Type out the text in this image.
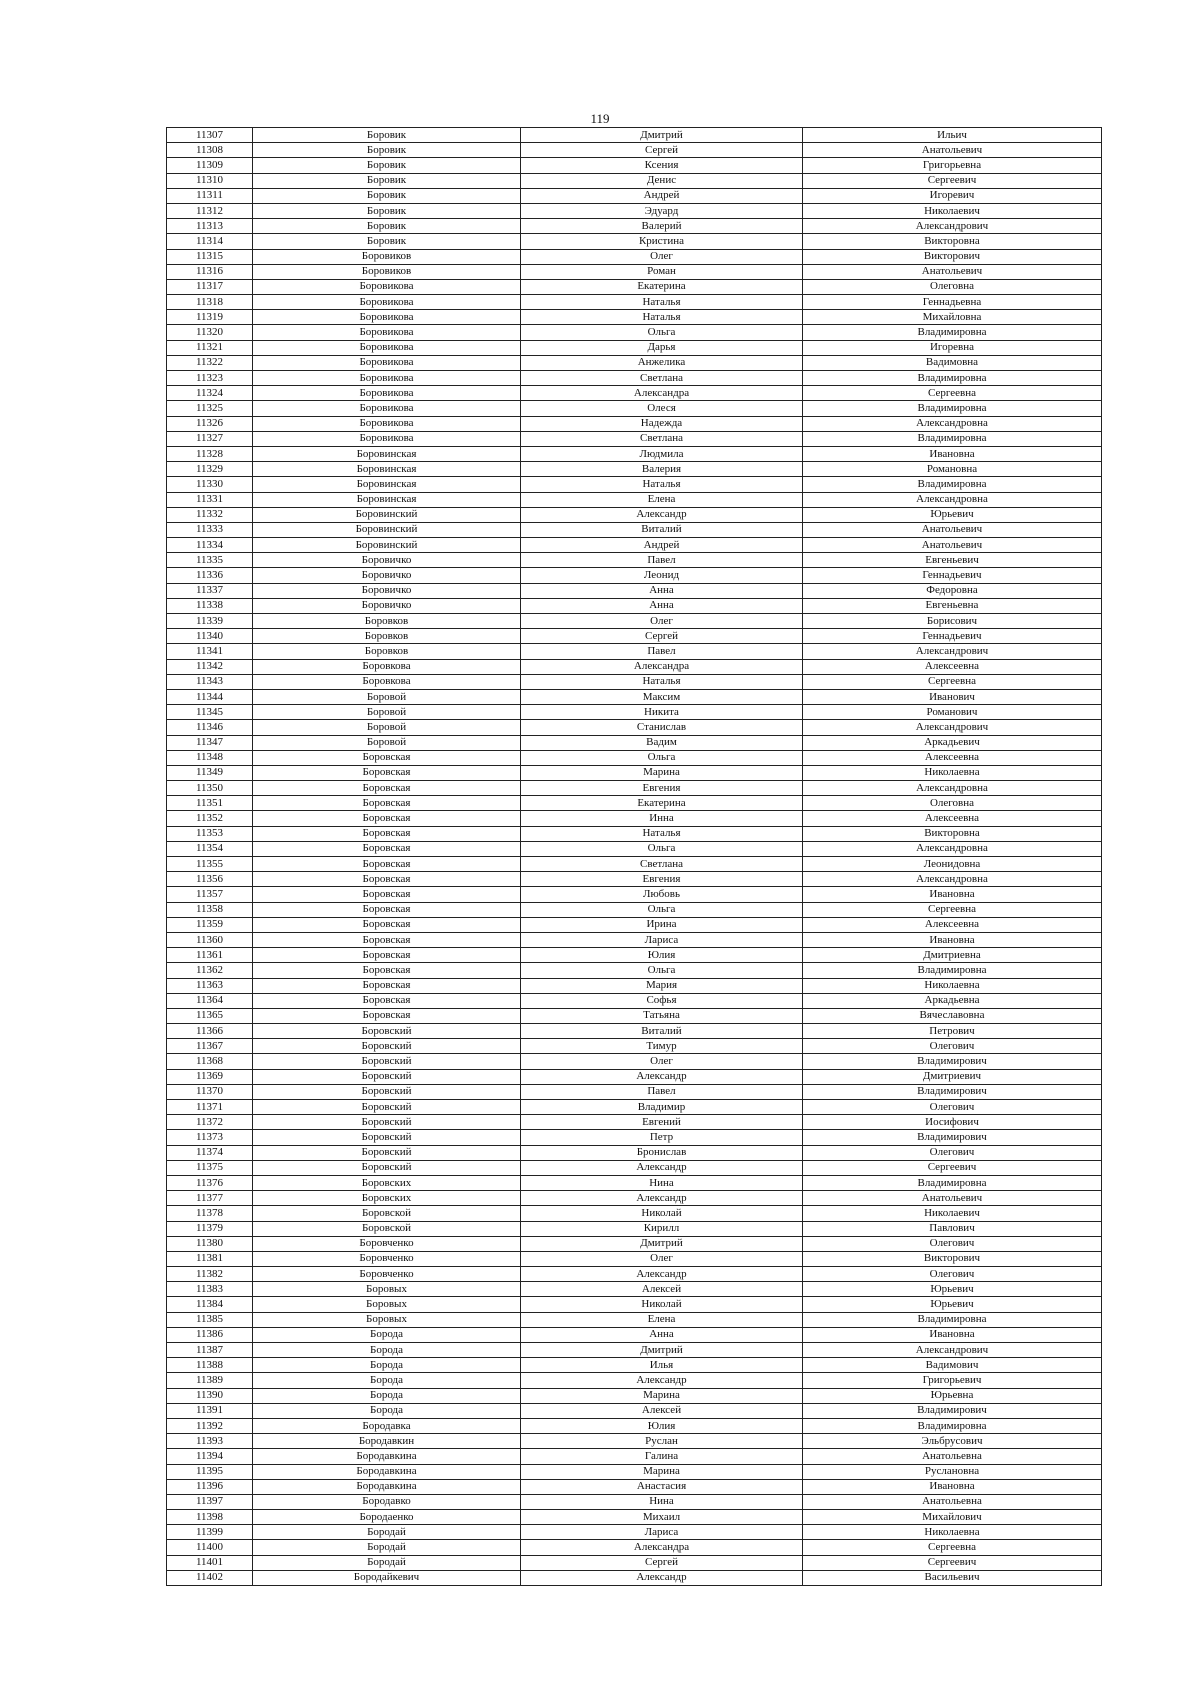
119
11307	Боровик	Дмитрий	Ильич
11308	Боровик	Сергей	Анатольевич
11309	Боровик	Ксения	Григорьевна
11310	Боровик	Денис	Сергеевич
11311	Боровик	Андрей	Игоревич
11312	Боровик	Эдуард	Николаевич
11313	Боровик	Валерий	Александрович
11314	Боровик	Кристина	Викторовна
11315	Боровиков	Олег	Викторович
11316	Боровиков	Роман	Анатольевич
11317	Боровикова	Екатерина	Олеговна
11318	Боровикова	Наталья	Геннадьевна
11319	Боровикова	Наталья	Михайловна
11320	Боровикова	Ольга	Владимировна
11321	Боровикова	Дарья	Игоревна
11322	Боровикова	Анжелика	Вадимовна
11323	Боровикова	Светлана	Владимировна
11324	Боровикова	Александра	Сергеевна
11325	Боровикова	Олеся	Владимировна
11326	Боровикова	Надежда	Александровна
11327	Боровикова	Светлана	Владимировна
11328	Боровинская	Людмила	Ивановна
11329	Боровинская	Валерия	Романовна
11330	Боровинская	Наталья	Владимировна
11331	Боровинская	Елена	Александровна
11332	Боровинский	Александр	Юрьевич
11333	Боровинский	Виталий	Анатольевич
11334	Боровинский	Андрей	Анатольевич
11335	Боровичко	Павел	Евгеньевич
11336	Боровичко	Леонид	Геннадьевич
11337	Боровичко	Анна	Федоровна
11338	Боровичко	Анна	Евгеньевна
11339	Боровков	Олег	Борисович
11340	Боровков	Сергей	Геннадьевич
11341	Боровков	Павел	Александрович
11342	Боровкова	Александра	Алексеевна
11343	Боровкова	Наталья	Сергеевна
11344	Боровой	Максим	Иванович
11345	Боровой	Никита	Романович
11346	Боровой	Станислав	Александрович
11347	Боровой	Вадим	Аркадьевич
11348	Боровская	Ольга	Алексеевна
11349	Боровская	Марина	Николаевна
11350	Боровская	Евгения	Александровна
11351	Боровская	Екатерина	Олеговна
11352	Боровская	Инна	Алексеевна
11353	Боровская	Наталья	Викторовна
11354	Боровская	Ольга	Александровна
11355	Боровская	Светлана	Леонидовна
11356	Боровская	Евгения	Александровна
11357	Боровская	Любовь	Ивановна
11358	Боровская	Ольга	Сергеевна
11359	Боровская	Ирина	Алексеевна
11360	Боровская	Лариса	Ивановна
11361	Боровская	Юлия	Дмитриевна
11362	Боровская	Ольга	Владимировна
11363	Боровская	Мария	Николаевна
11364	Боровская	Софья	Аркадьевна
11365	Боровская	Татьяна	Вячеславовна
11366	Боровский	Виталий	Петрович
11367	Боровский	Тимур	Олегович
11368	Боровский	Олег	Владимирович
11369	Боровский	Александр	Дмитриевич
11370	Боровский	Павел	Владимирович
11371	Боровский	Владимир	Олегович
11372	Боровский	Евгений	Иосифович
11373	Боровский	Петр	Владимирович
11374	Боровский	Бронислав	Олегович
11375	Боровский	Александр	Сергеевич
11376	Боровских	Нина	Владимировна
11377	Боровских	Александр	Анатольевич
11378	Боровской	Николай	Николаевич
11379	Боровской	Кирилл	Павлович
11380	Боровченко	Дмитрий	Олегович
11381	Боровченко	Олег	Викторович
11382	Боровченко	Александр	Олегович
11383	Боровых	Алексей	Юрьевич
11384	Боровых	Николай	Юрьевич
11385	Боровых	Елена	Владимировна
11386	Борода	Анна	Ивановна
11387	Борода	Дмитрий	Александрович
11388	Борода	Илья	Вадимович
11389	Борода	Александр	Григорьевич
11390	Борода	Марина	Юрьевна
11391	Борода	Алексей	Владимирович
11392	Бородавка	Юлия	Владимировна
11393	Бородавкин	Руслан	Эльбрусович
11394	Бородавкина	Галина	Анатольевна
11395	Бородавкина	Марина	Руслановна
11396	Бородавкина	Анастасия	Ивановна
11397	Бородавко	Нина	Анатольевна
11398	Бородаенко	Михаил	Михайлович
11399	Бородай	Лариса	Николаевна
11400	Бородай	Александра	Сергеевна
11401	Бородай	Сергей	Сергеевич
11402	Бородайкевич	Александр	Васильевич
